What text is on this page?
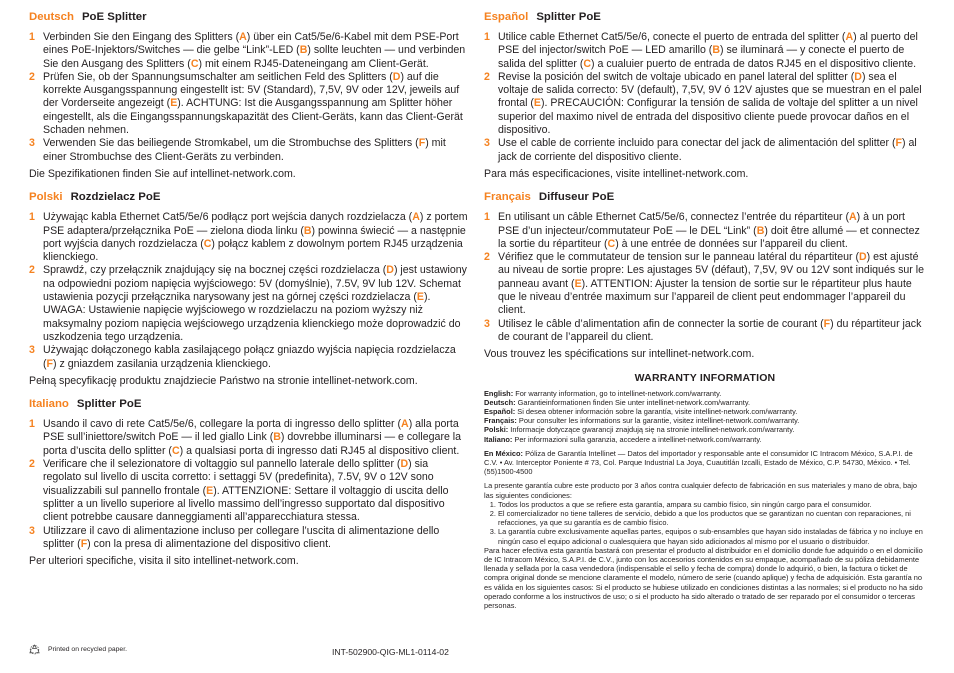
Deutsch PoE Splitter
1 Verbinden Sie den Eingang des Splitters (A) über ein Cat5/5e/6-Kabel mit dem PSE-Port eines PoE-Injektors/Switches — die gelbe “Link”-LED (B) sollte leuchten — und verbinden Sie den Ausgang des Splitters (C) mit einem RJ45-Dateneingang am Client-Gerät.
2 Prüfen Sie, ob der Spannungsumschalter am seitlichen Feld des Splitters (D) auf die korrekte Ausgangsspannung eingestellt ist: 5V (Standard), 7,5V, 9V oder 12V, jeweils auf der Vorderseite angezeigt (E). ACHTUNG: Ist die Ausgangsspannung am Splitter höher eingestellt, als die Eingangsspannungskapazität des Client-Geräts, kann das Client-Gerät Schaden nehmen.
3 Verwenden Sie das beiliegende Stromkabel, um die Strombuchse des Splitters (F) mit einer Strombuchse des Client-Geräts zu verbinden.

Die Spezifikationen finden Sie auf intellinet-network.com.

Polski Rozdzielacz PoE
1 Używając kabla Ethernet Cat5/5e/6 podłącz port wejścia danych rozdzielacza (A) z portem PSE adaptera/przełącznika PoE — zielona dioda linku (B) powinna świecić — a następnie port wyjścia danych rozdzielacza (C) połącz kablem z dowolnym portem RJ45 urządzenia klienckiego.
2 Sprawdź, czy przełącznik znajdujący się na bocznej części rozdzielacza (D) jest ustawiony na odpowiedni poziom napięcia wyjściowego: 5V (domyślnie), 7.5V, 9V lub 12V. Schemat ustawienia pozycji przełącznika narysowany jest na górnej części rozdzielacza (E). UWAGA: Ustawienie napięcie wyjściowego w rozdzielaczu na poziom wyższy niż maksymalny poziom napięcia wejściowego urządzenia klienckiego może doprowadzić do uszkodzenia tego urządzenia.
3 Używając dołączonego kabla zasilającego połącz gniazdo wyjścia napięcia rozdzielacza (F) z gniazdem zasilania urządzenia klienckiego.

Pełną specyfikację produktu znajdziecie Państwo na stronie intellinet-network.com.

Italiano Splitter PoE
1 Usando il cavo di rete Cat5/5e/6, collegare la porta di ingresso dello splitter (A) alla porta PSE sull’iniettore/switch PoE — il led giallo Link (B) dovrebbe illuminarsi — e collegare la porta d’uscita dello splitter (C) a qualsiasi porta di ingresso dati RJ45 al dispositivo client.
2 Verificare che il selezionatore di voltaggio sul pannello laterale dello splitter (D) sia regolato sul livello di uscita corretto: i settaggi 5V (predefinita), 7.5V, 9V o 12V sono visualizzabili sul pannello frontale (E). ATTENZIONE: Settare il voltaggio di uscita dello splitter a un livello superiore al livello massimo dell’ingresso supportato dal dispositivo client potrebbe causare danneggiamenti all’apparecchiatura stessa.
3 Utilizzare il cavo di alimentazione incluso per collegare l’uscita di alimentazione dello splitter (F) con la presa di alimentazione del dispositivo client.

Per ulteriori specifiche, visita il sito intellinet-network.com.

Español Splitter PoE
1 Utilice cable Ethernet Cat5/5e/6, conecte el puerto de entrada del splitter (A) al puerto del PSE del injector/switch PoE — LED amarillo (B) se iluminará — y conecte el puerto de salida del splitter (C) a cualuier puerto de entrada de datos RJ45 en el dispositivo cliente.
2 Revise la posición del switch de voltaje ubicado en panel lateral del splitter (D) sea el voltaje de salida correcto: 5V (default), 7,5V, 9V ó 12V ajustes que se muestran en el palel frontal (E). PRECAUCIÓN: Configurar la tensión de salida de voltaje del splitter a un nivel superior del maximo nivel de entrada del dispositivo cliente puede provocar daños en el dispositivo.
3 Use el cable de corriente incluido para conectar del jack de alimentación del splitter (F) al jack de corriente del dispositivo cliente.

Para más especificaciones, visite intellinet-network.com.

Français Diffuseur PoE
1 En utilisant un câble Ethernet Cat5/5e/6, connectez l’entrée du répartiteur (A) à un port PSE d’un injecteur/commutateur PoE — le DEL “Link” (B) doit être allumé — et connectez la sortie du répartiteur (C) à une entrée de données sur l’appareil du client.
2 Vérifiez que le commutateur de tension sur le panneau latéral du répartiteur (D) est ajusté au niveau de sortie propre: Les ajustages 5V (défaut), 7,5V, 9V ou 12V sont indiqués sur le panneau avant (E). ATTENTION: Ajuster la tension de sortie sur le répartiteur plus haute que le niveau d’entrée maximum sur l’appareil de client peut endommager l’appareil du client.
3 Utilisez le câble d’alimentation afin de connecter la sortie de courant (F) du répartiteur jack de courant de l’appareil du client.

Vous trouvez les spécifications sur intellinet-network.com.

WARRANTY INFORMATION

English: For warranty information, go to intellinet-network.com/warranty.

Deutsch: Garantieinformationen finden Sie unter intellinet-network.com/warranty.

Español: Si desea obtener información sobre la garantía, visite intellinet-network.com/warranty.

Français: Pour consulter les informations sur la garantie, visitez intellinet-network.com/warranty.

Polski: Informacje dotyczące gwarancji znajdują się na stronie intellinet-network.com/warranty.

Italiano: Per informazioni sulla garanzia, accedere a intellinet-network.com/warranty.

En México: Póliza de Garantía Intellinet — Datos del importador y responsable ante el consumidor IC Intracom México, S.A.P.I. de C.V. • Av. Interceptor Poniente # 73, Col. Parque Industrial La Joya, Cuautitlán Izcalli, Estado de México, C.P. 54730, México. • Tel. (55)1500-4500

La presente garantía cubre este producto por 3 años contra cualquier defecto de fabricación en sus materiales y mano de obra, bajo las siguientes condiciones:

1. Todos los productos a que se refiere esta garantía, ampara su cambio físico, sin ningún cargo para el consumidor.
2. El comercializador no tiene talleres de servicio, debido a que los productos que se garantizan no cuentan con reparaciones, ni refacciones, ya que su garantía es de cambio físico.
3. La garantía cubre exclusivamente aquellas partes, equipos o sub-ensambles que hayan sido instaladas de fábrica y no incluye en ningún caso el equipo adicional o cualesquiera que hayan sido adicionados al mismo por el usuario o distribuidor.

Para hacer efectiva esta garantía bastará con presentar el producto al distribuidor en el domicilio donde fue adquirido o en el domicilio de IC Intracom México, S.A.P.I. de C.V., junto con los accesorios contenidos en su empaque, acompañado de su póliza debidamente llenada y sellada por la casa vendedora (indispensable el sello y fecha de compra) donde lo adquirió, o bien, la factura o ticket de compra original donde se mencione claramente el modelo, número de serie (cuando aplique) y fecha de adquisición. Esta garantía no es válida en los siguientes casos: Si el producto se hubiese utilizado en condiciones distintas a las normales; si el producto no ha sido operado conforme a los instructivos de uso; o si el producto ha sido alterado o tratado de ser reparado por el consumidor o terceras personas.

Printed on recycled paper.	INT-502900-QIG-ML1-0114-02
